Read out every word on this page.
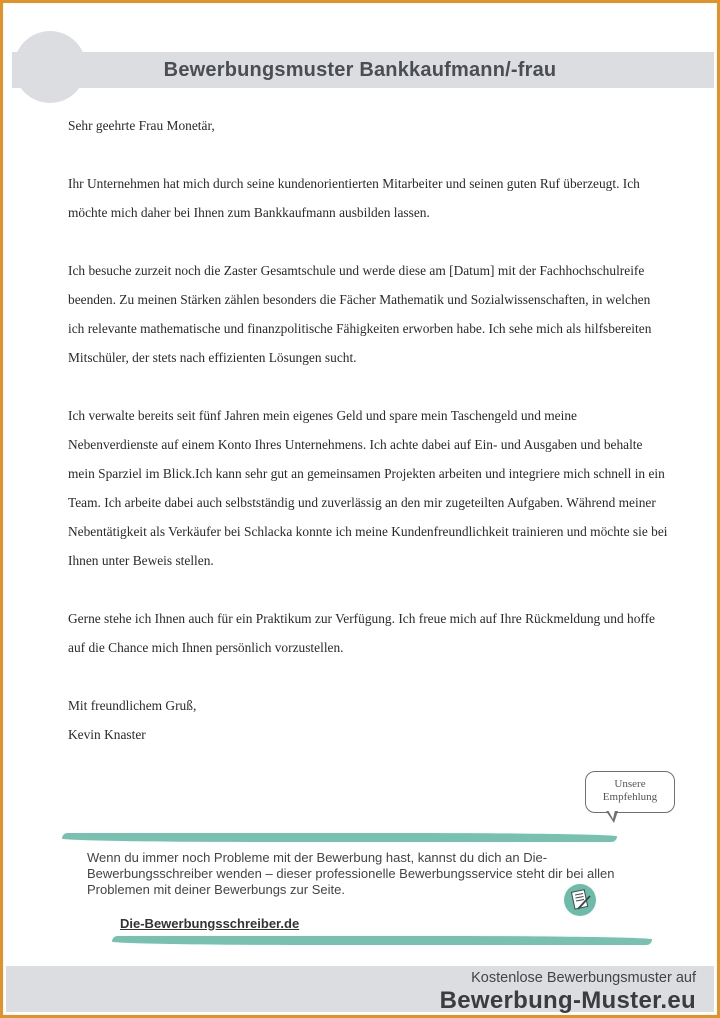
Bewerbungsmuster Bankkaufmann/-frau

Sehr geehrte Frau Monetär,

Ihr Unternehmen hat mich durch seine kundenorientierten Mitarbeiter und seinen guten Ruf überzeugt. Ich möchte mich daher bei Ihnen zum Bankkaufmann ausbilden lassen.

Ich besuche zurzeit noch die Zaster Gesamtschule und werde diese am [Datum] mit der Fachhochschulreife beenden. Zu meinen Stärken zählen besonders die Fächer Mathematik und Sozialwissenschaften, in welchen ich relevante mathematische und finanzpolitische Fähigkeiten erworben habe. Ich sehe mich als hilfsbereiten Mitschüler, der stets nach effizienten Lösungen sucht.

Ich verwalte bereits seit fünf Jahren mein eigenes Geld und spare mein Taschengeld und meine Nebenverdienste auf einem Konto Ihres Unternehmens. Ich achte dabei auf Ein- und Ausgaben und behalte mein Sparziel im Blick.Ich kann sehr gut an gemeinsamen Projekten arbeiten und integriere mich schnell in ein Team. Ich arbeite dabei auch selbstständig und zuverlässig an den mir zugeteilten Aufgaben. Während meiner Nebentätigkeit als Verkäufer bei Schlacka konnte ich meine Kundenfreundlichkeit trainieren und möchte sie bei Ihnen unter Beweis stellen.

Gerne stehe ich Ihnen auch für ein Praktikum zur Verfügung. Ich freue mich auf Ihre Rückmeldung und hoffe auf die Chance mich Ihnen persönlich vorzustellen.

Mit freundlichem Gruß,

Kevin Knaster

Unsere
Empfehlung
Wenn du immer noch Probleme mit der Bewerbung hast, kannst du dich an Die-Bewerbungsschreiber wenden – dieser professionelle Bewerbungsservice steht dir bei allen Problemen mit deiner Bewerbungs zur Seite.
Die-Bewerbungsschreiber.de
Kostenlose Bewerbungsmuster auf
Bewerbung-Muster.eu
